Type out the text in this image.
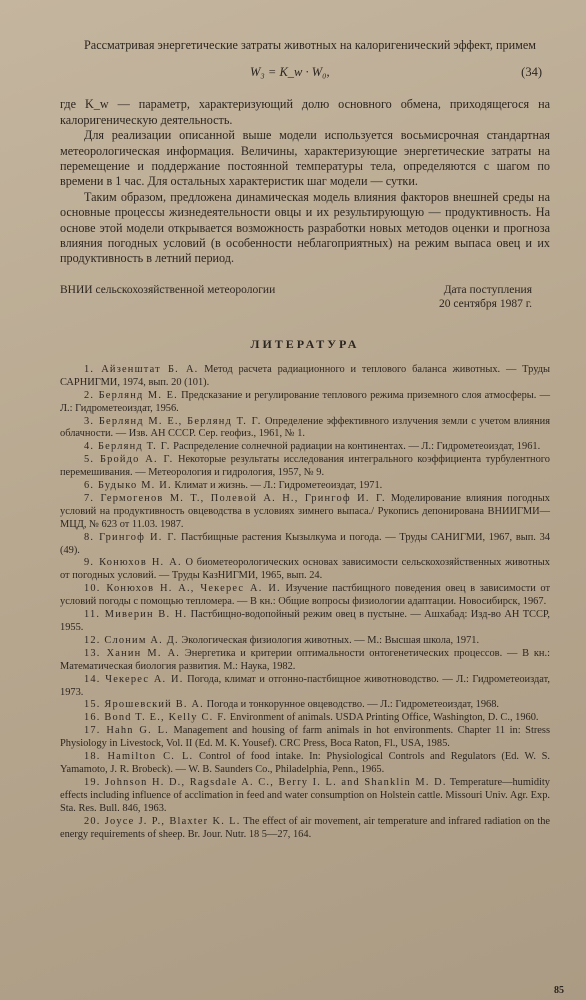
Рассматривая энергетические затраты животных на калоригенический эффект, примем

W₃ = K_w · W₀,	(34)

где K_w — параметр, характеризующий долю основного обмена, приходящегося на калоригеническую деятельность.

Для реализации описанной выше модели используется восьмисрочная стандартная метеорологическая информация. Величины, характеризующие энергетические затраты на перемещение и поддержание постоянной температуры тела, определяются с шагом по времени в 1 час. Для остальных характеристик шаг модели — сутки.

Таким образом, предложена динамическая модель влияния факторов внешней среды на основные процессы жизнедеятельности овцы и их результирующую — продуктивность. На основе этой модели открывается возможность разработки новых методов оценки и прогноза влияния погодных условий (в особенности неблагоприятных) на режим выпаса овец и их продуктивность в летний период.

ВНИИ сельскохозяйственной метеорологии	Дата поступления
20 сентября 1987 г.
ЛИТЕРАТУРА

1. Айзенштат Б. А. Метод расчета радиационного и теплового баланса животных. — Труды САРНИГМИ, 1974, вып. 20 (101).

2. Берлянд М. Е. Предсказание и регулирование теплового режима приземного слоя атмосферы. — Л.: Гидрометеоиздат, 1956.

3. Берлянд М. Е., Берлянд Т. Г. Определение эффективного излучения земли с учетом влияния облачности. — Изв. АН СССР. Сер. геофиз., 1961, № 1.

4. Берлянд Т. Г. Распределение солнечной радиации на континентах. — Л.: Гидрометеоиздат, 1961.

5. Бройдо А. Г. Некоторые результаты исследования интегрального коэффициента турбулентного перемешивания. — Метеорология и гидрология, 1957, № 9.

6. Будыко М. И. Климат и жизнь. — Л.: Гидрометеоиздат, 1971.

7. Гермогенов М. Т., Полевой А. Н., Грингоф И. Г. Моделирование влияния погодных условий на продуктивность овцеводства в условиях зимнего выпаса./ Рукопись депонирована ВНИИГМИ—МЦД, № 623 от 11.03. 1987.

8. Грингоф И. Г. Пастбищные растения Кызылкума и погода. — Труды САНИГМИ, 1967, вып. 34 (49).

9. Конюхов Н. А. О биометеорологических основах зависимости сельскохозяйственных животных от погодных условий. — Труды КазНИГМИ, 1965, вып. 24.

10. Конюхов Н. А., Чекерес А. И. Изучение пастбищного поведения овец в зависимости от условий погоды с помощью тепломера. — В кн.: Общие вопросы физиологии адаптации. Новосибирск, 1967.

11. Миверин В. Н. Пастбищно-водопойный режим овец в пустыне. — Ашхабад: Изд-во АН ТССР, 1955.

12. Слоним А. Д. Экологическая физиология животных. — М.: Высшая школа, 1971.

13. Ханин М. А. Энергетика и критерии оптимальности онтогенетических процессов. — В кн.: Математическая биология развития. М.: Наука, 1982.

14. Чекерес А. И. Погода, климат и отгонно-пастбищное животноводство. — Л.: Гидрометеоиздат, 1973.

15. Ярошевский В. А. Погода и тонкорунное овцеводство. — Л.: Гидрометеоиздат, 1968.

16. Bond T. E., Kelly C. F. Environment of animals. USDA Printing Office, Washington, D. C., 1960.

17. Hahn G. L. Management and housing of farm animals in hot environments. Chapter 11 in: Stress Physiology in Livestock, Vol. II (Ed. M. K. Yousef). CRC Press, Boca Raton, Fl., USA, 1985.

18. Hamilton C. L. Control of food intake. In: Physiological Controls and Regulators (Ed. W. S. Yamamoto, J. R. Brobeck). — W. B. Saunders Co., Philadelphia, Penn., 1965.

19. Johnson H. D., Ragsdale A. C., Berry I. L. and Shanklin M. D. Temperature—humidity effects including influence of acclimation in feed and water consumption on Holstein cattle. Missouri Univ. Agr. Exp. Sta. Res. Bull. 846, 1963.

20. Joyce J. P., Blaxter K. L. The effect of air movement, air temperature and infrared radiation on the energy requirements of sheep. Br. Jour. Nutr. 18 5—27, 164.

85
